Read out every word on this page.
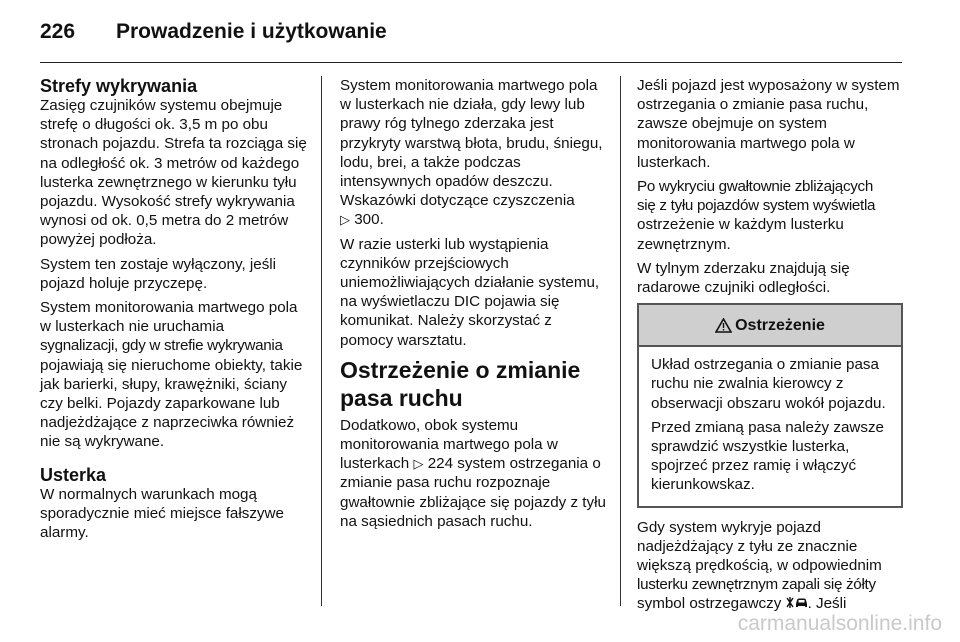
226	Prowadzenie i użytkowanie
Strefy wykrywania

Zasięg czujników systemu obejmuje strefę o długości ok. 3,5 m po obu stronach pojazdu. Strefa ta rozciąga się na odległość ok. 3 metrów od każdego lusterka zewnętrznego w kierunku tyłu pojazdu. Wysokość strefy wykrywania wynosi od ok. 0,5 metra do 2 metrów powyżej podłoża.

System ten zostaje wyłączony, jeśli pojazd holuje przyczepę.

System monitorowania martwego pola w lusterkach nie uruchamia sygnalizacji, gdy w strefie wykrywania pojawiają się nieruchome obiekty, takie jak barierki, słupy, krawężniki, ściany czy belki. Pojazdy zaparkowane lub nadjeżdżające z naprzeciwka również nie są wykrywane.

Usterka

W normalnych warunkach mogą sporadycznie mieć miejsce fałszywe alarmy.

System monitorowania martwego pola w lusterkach nie działa, gdy lewy lub prawy róg tylnego zderzaka jest przykryty warstwą błota, brudu, śniegu, lodu, brei, a także podczas intensywnych opadów deszczu. Wskazówki dotyczące czyszczenia
▷ 300.

W razie usterki lub wystąpienia czynników przejściowych uniemożliwiających działanie systemu, na wyświetlaczu DIC pojawia się komunikat. Należy skorzystać z pomocy warsztatu.

Ostrzeżenie o zmianie pasa ruchu

Dodatkowo, obok systemu monitorowania martwego pola w lusterkach ▷ 224 system ostrzegania o zmianie pasa ruchu rozpoznaje gwałtownie zbliżające się pojazdy z tyłu na sąsiednich pasach ruchu.

Jeśli pojazd jest wyposażony w system ostrzegania o zmianie pasa ruchu, zawsze obejmuje on system monitorowania martwego pola w lusterkach.

Po wykryciu gwałtownie zbliżających się z tyłu pojazdów system wyświetla ostrzeżenie w każdym lusterku zewnętrznym.

W tylnym zderzaku znajdują się radarowe czujniki odległości.

Ostrzeżenie

Układ ostrzegania o zmianie pasa ruchu nie zwalnia kierowcy z obserwacji obszaru wokół pojazdu.

Przed zmianą pasa należy zawsze sprawdzić wszystkie lusterka, spojrzeć przez ramię i włączyć kierunkowskaz.

Gdy system wykryje pojazd nadjeżdżający z tyłu ze znacznie większą prędkością, w odpowiednim lusterku zewnętrznym zapali się żółty symbol ostrzegawczy . Jeśli

carmanualsonline.info
